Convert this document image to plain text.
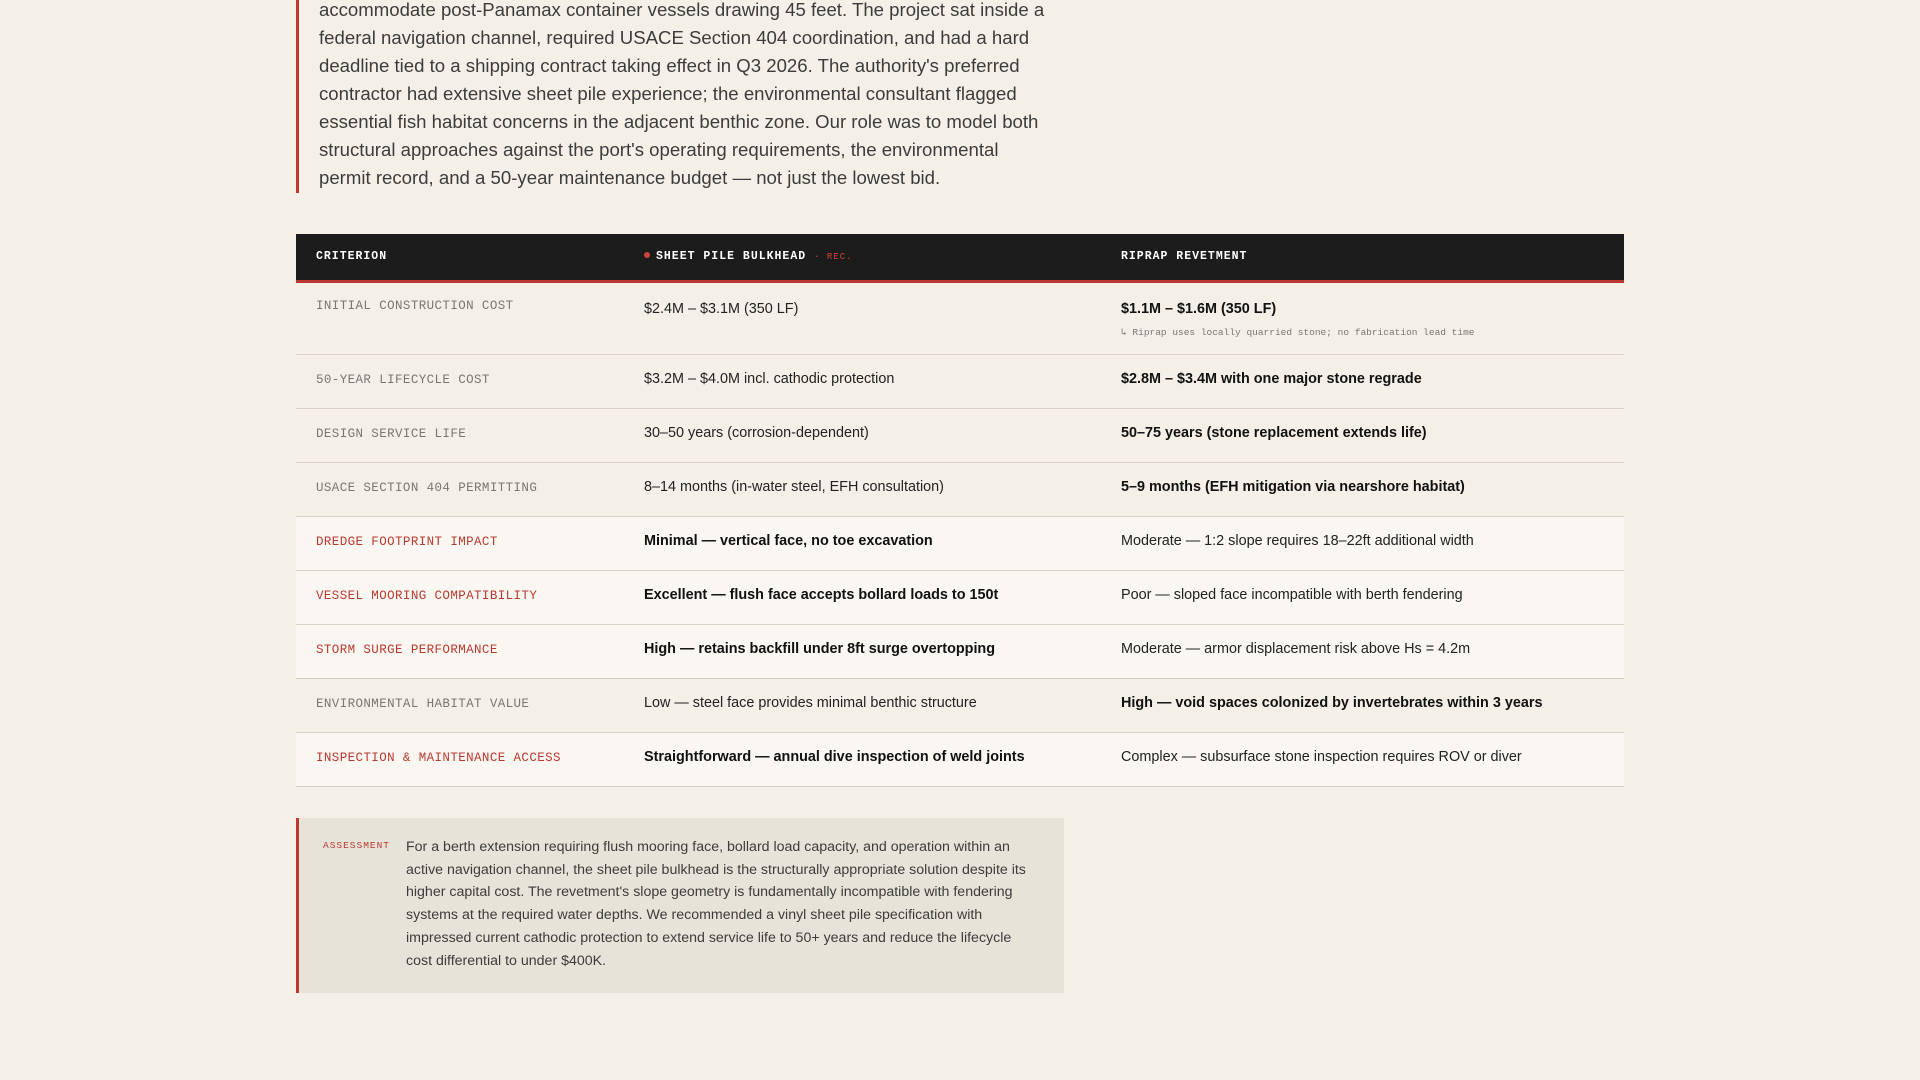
accommodate post-Panamax container vessels drawing 45 feet. The project sat inside a federal navigation channel, required USACE Section 404 coordination, and had a hard deadline tied to a shipping contract taking effect in Q3 2026. The authority's preferred contractor had extensive sheet pile experience; the environmental consultant flagged essential fish habitat concerns in the adjacent benthic zone. Our role was to model both structural approaches against the port's operating requirements, the environmental permit record, and a 50-year maintenance budget — not just the lowest bid.

CRITERION	SHEET PILE BULKHEAD · REC.	RIPRAP REVETMENT
INITIAL CONSTRUCTION COST	$2.4M – $3.1M (350 LF)	$1.1M – $1.6M (350 LF)
↳ Riprap uses locally quarried stone; no fabrication lead time
50-YEAR LIFECYCLE COST	$3.2M – $4.0M incl. cathodic protection	$2.8M – $3.4M with one major stone regrade
DESIGN SERVICE LIFE	30–50 years (corrosion-dependent)	50–75 years (stone replacement extends life)
USACE SECTION 404 PERMITTING	8–14 months (in-water steel, EFH consultation)	5–9 months (EFH mitigation via nearshore habitat)
DREDGE FOOTPRINT IMPACT	Minimal — vertical face, no toe excavation	Moderate — 1:2 slope requires 18–22ft additional width
VESSEL MOORING COMPATIBILITY	Excellent — flush face accepts bollard loads to 150t	Poor — sloped face incompatible with berth fendering
STORM SURGE PERFORMANCE	High — retains backfill under 8ft surge overtopping	Moderate — armor displacement risk above Hs = 4.2m
ENVIRONMENTAL HABITAT VALUE	Low — steel face provides minimal benthic structure	High — void spaces colonized by invertebrates within 3 years
INSPECTION & MAINTENANCE ACCESS	Straightforward — annual dive inspection of weld joints	Complex — subsurface stone inspection requires ROV or diver
ASSESSMENT For a berth extension requiring flush mooring face, bollard load capacity, and operation within an active navigation channel, the sheet pile bulkhead is the structurally appropriate solution despite its higher capital cost. The revetment's slope geometry is fundamentally incompatible with fendering systems at the required water depths. We recommended a vinyl sheet pile specification with impressed current cathodic protection to extend service life to 50+ years and reduce the lifecycle cost differential to under $400K.
